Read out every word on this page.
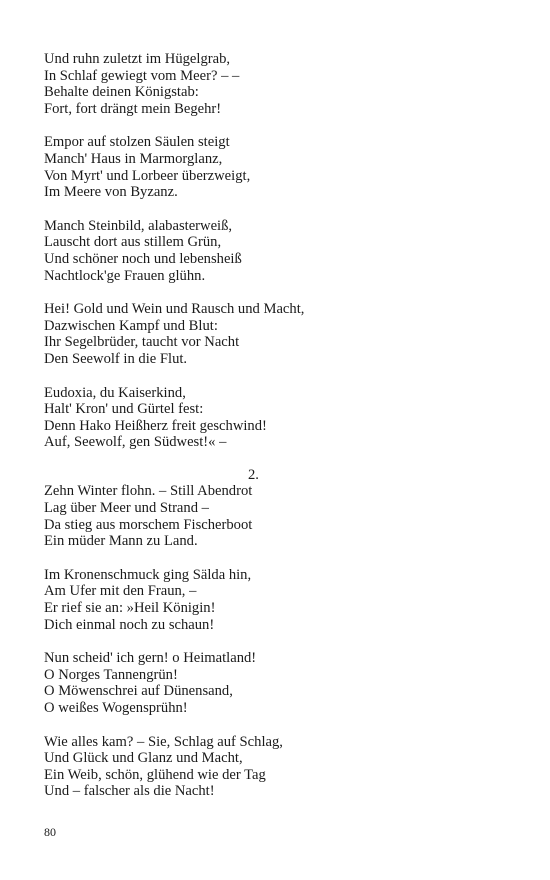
Und ruhn zuletzt im Hügelgrab,
In Schlaf gewiegt vom Meer? – –
Behalte deinen Königstab:
Fort, fort drängt mein Begehr!
Empor auf stolzen Säulen steigt
Manch' Haus in Marmorglanz,
Von Myrt' und Lorbeer überzweigt,
Im Meere von Byzanz.
Manch Steinbild, alabasterweiß,
Lauscht dort aus stillem Grün,
Und schöner noch und lebensheiß
Nachtlock'ge Frauen glühn.
Hei! Gold und Wein und Rausch und Macht,
Dazwischen Kampf und Blut:
Ihr Segelbrüder, taucht vor Nacht
Den Seewolf in die Flut.
Eudoxia, du Kaiserkind,
Halt' Kron' und Gürtel fest:
Denn Hako Heißherz freit geschwind!
Auf, Seewolf, gen Südwest!« –
2.
Zehn Winter flohn. – Still Abendrot
Lag über Meer und Strand –
Da stieg aus morschem Fischerboot
Ein müder Mann zu Land.
Im Kronenschmuck ging Sälda hin,
Am Ufer mit den Fraun, –
Er rief sie an: »Heil Königin!
Dich einmal noch zu schaun!
Nun scheid' ich gern! o Heimatland!
O Norges Tannengrün!
O Möwenschrei auf Dünensand,
O weißes Wogensprühn!
Wie alles kam? – Sie, Schlag auf Schlag,
Und Glück und Glanz und Macht,
Ein Weib, schön, glühend wie der Tag
Und – falscher als die Nacht!
80
